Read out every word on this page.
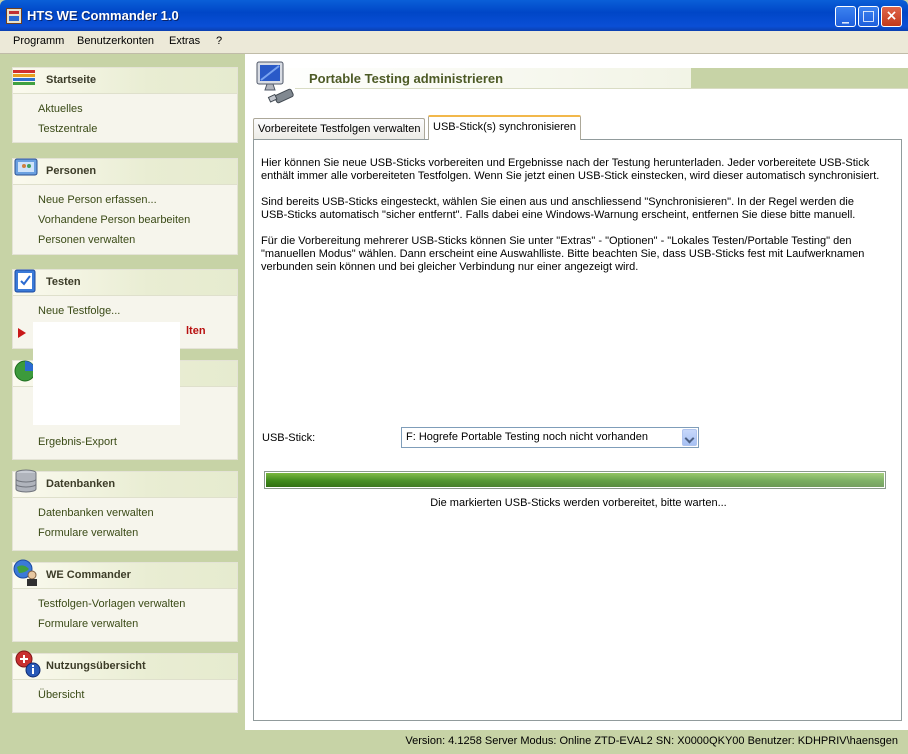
HTS WE Commander 1.0	_ □ ×
Programm Benutzerkonten Extras ?
Startseite
Aktuelles
Testzentrale
Personen
Neue Person erfassen...
Vorhandene Person bearbeiten
Personen verwalten
Testen
Neue Testfolge...
lten
Ergebnis-Export
Datenbanken
Datenbanken verwalten
Formulare verwalten
WE Commander
Testfolgen-Vorlagen verwalten
Formulare verwalten
Nutzungsübersicht
Übersicht
Portable Testing administrieren
Vorbereitete Testfolgen verwalten	USB-Stick(s) synchronisieren
Hier können Sie neue USB-Sticks vorbereiten und Ergebnisse nach der Testung herunterladen. Jeder vorbereitete USB-Stick enthält immer alle vorbereiteten Testfolgen. Wenn Sie jetzt einen USB-Stick einstecken, wird dieser automatisch synchronisiert.
Sind bereits USB-Sticks eingesteckt, wählen Sie einen aus und anschliessend "Synchronisieren". In der Regel werden die USB-Sticks automatisch "sicher entfernt". Falls dabei eine Windows-Warnung erscheint, entfernen Sie diese bitte manuell.
Für die Vorbereitung mehrerer USB-Sticks können Sie unter "Extras" - "Optionen" - "Lokales Testen/Portable Testing" den "manuellen Modus" wählen. Dann erscheint eine Auswahlliste. Bitte beachten Sie, dass USB-Sticks fest mit Laufwerknamen verbunden sein können und bei gleicher Verbindung nur einer angezeigt wird.
USB-Stick:	F: Hogrefe Portable Testing noch nicht vorhanden
Die markierten USB-Sticks werden vorbereitet, bitte warten...
Version: 4.1258 Server Modus: Online ZTD-EVAL2 SN: X0000QKY00 Benutzer: KDHPRIV\haensgen
